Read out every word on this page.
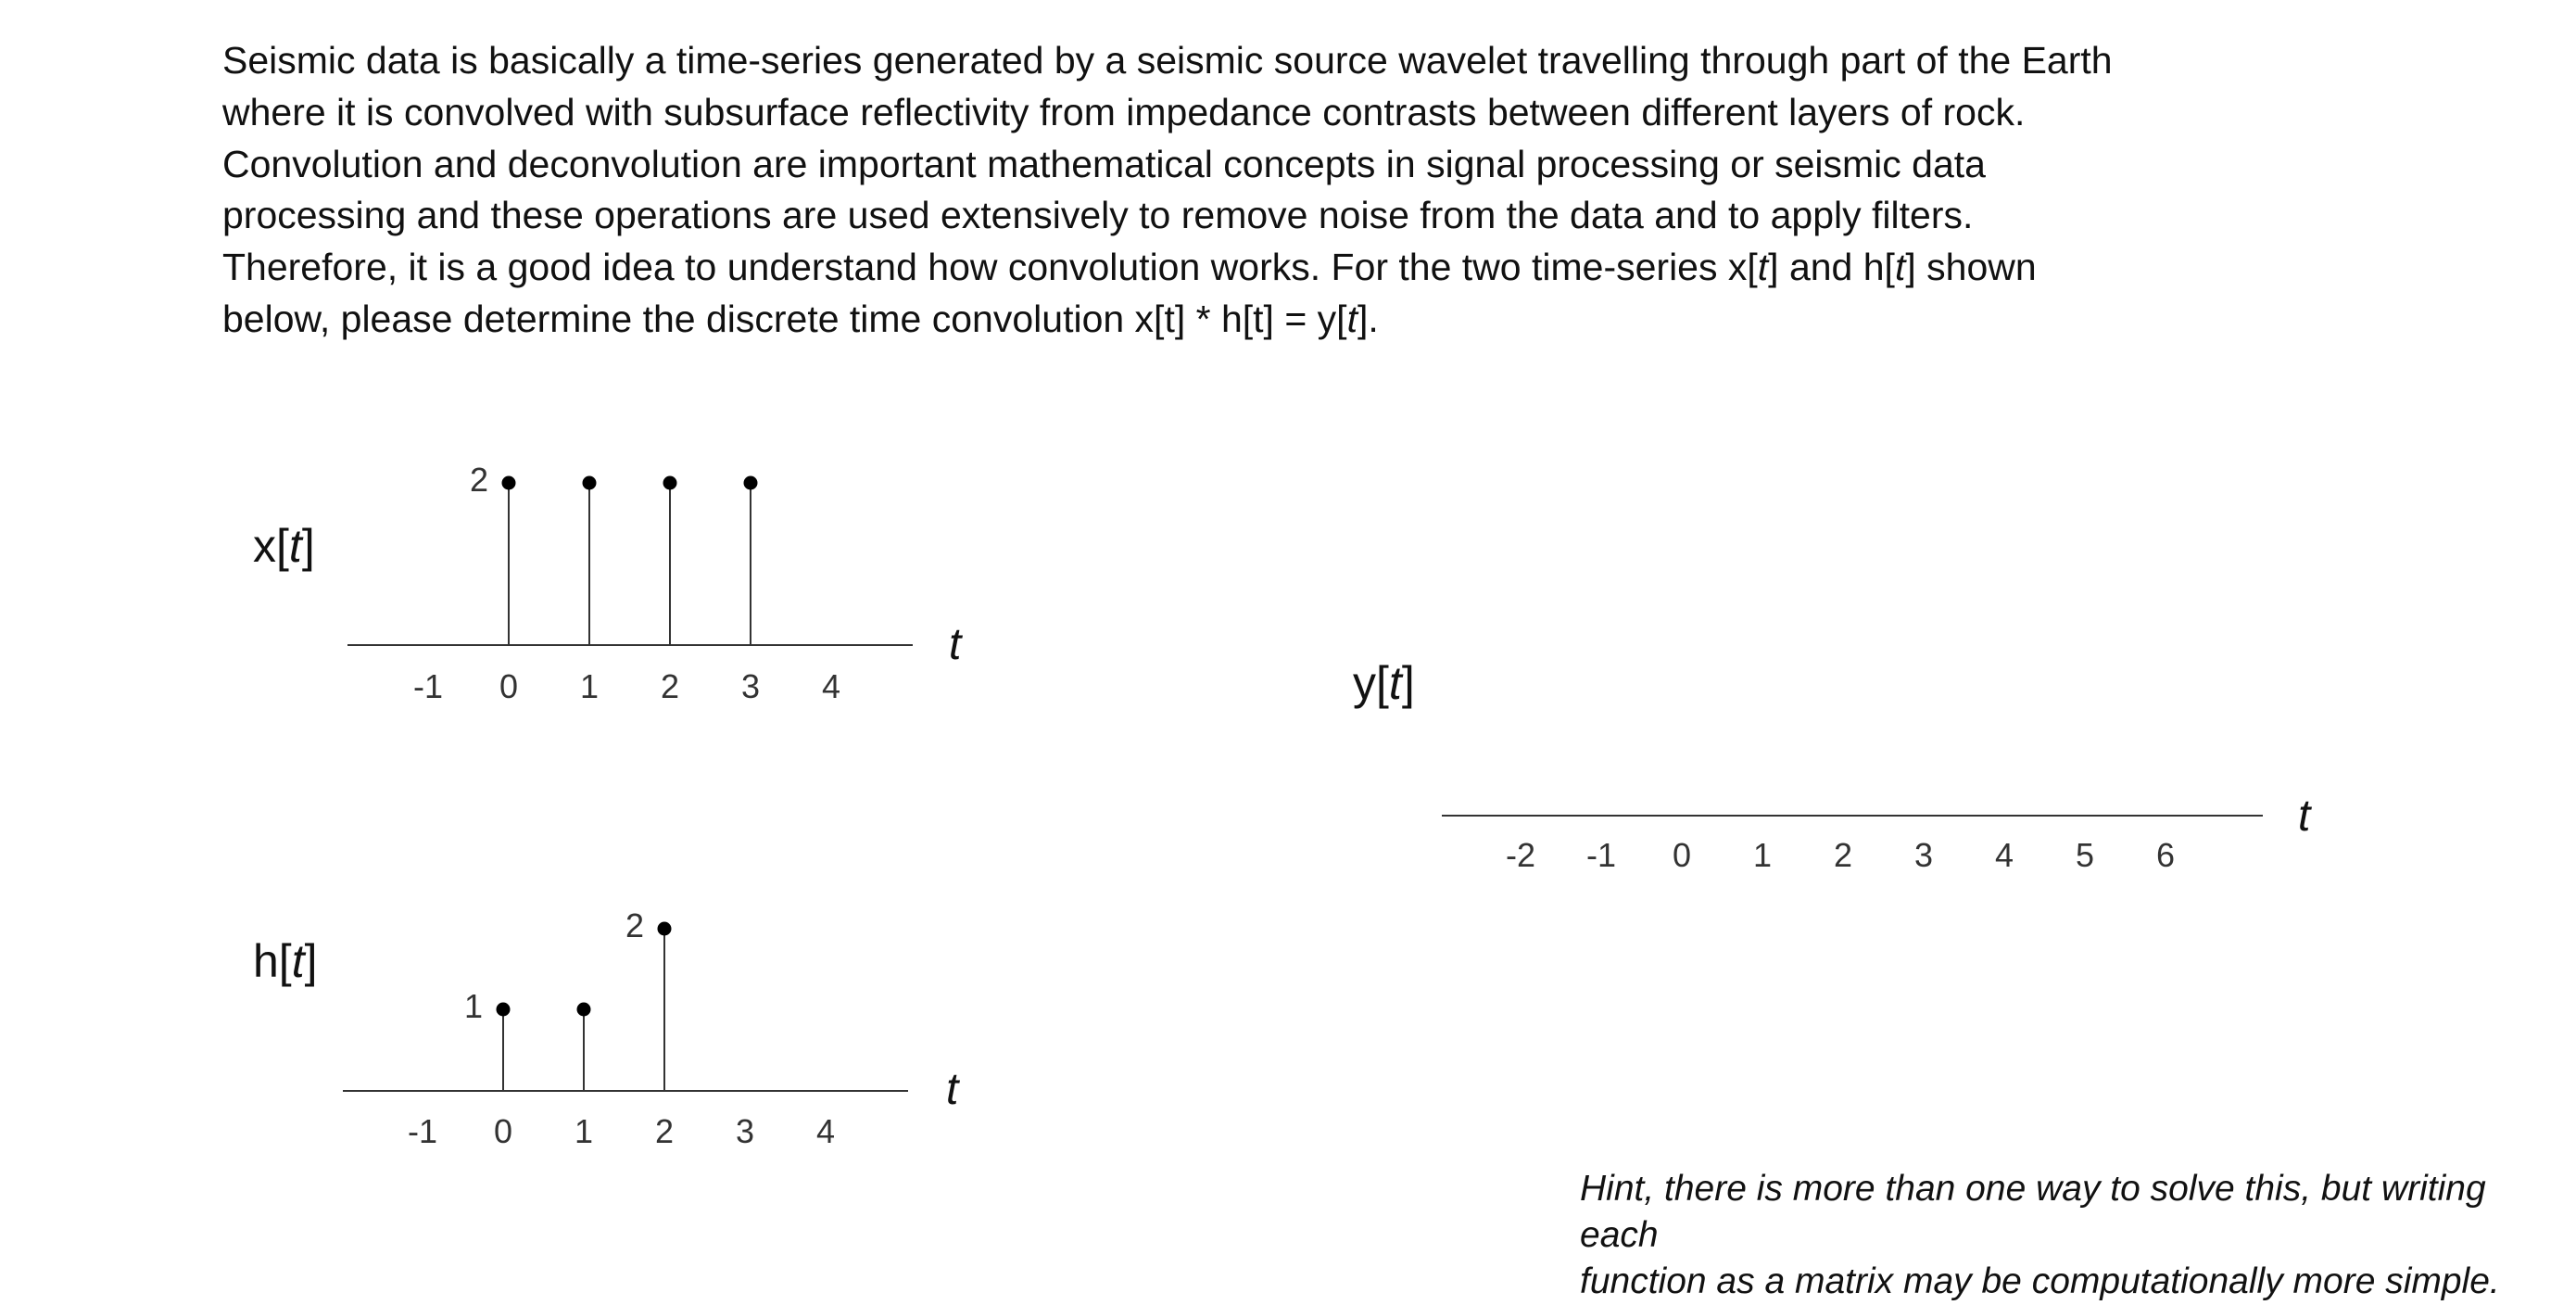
Seismic data is basically a time-series generated by a seismic source wavelet travelling through part of the Earth
where it is convolved with subsurface reflectivity from impedance contrasts between different layers of rock.
Convolution and deconvolution are important mathematical concepts in signal processing or seismic data
processing and these operations are used extensively to remove noise from the data and to apply filters.
Therefore, it is a good idea to understand how convolution works. For the two time-series x[t] and h[t] shown
below, please determine the discrete time convolution x[t] * h[t] = y[t].

x[t]
t
-1 0 1 2 3 4
2
h[t]
t
-1 0 1 2 3 4
1
2
y[t]
t
-2 -1 0 1 2 3 4 5 6

Hint, there is more than one way to solve this, but writing each
function as a matrix may be computationally more simple.
